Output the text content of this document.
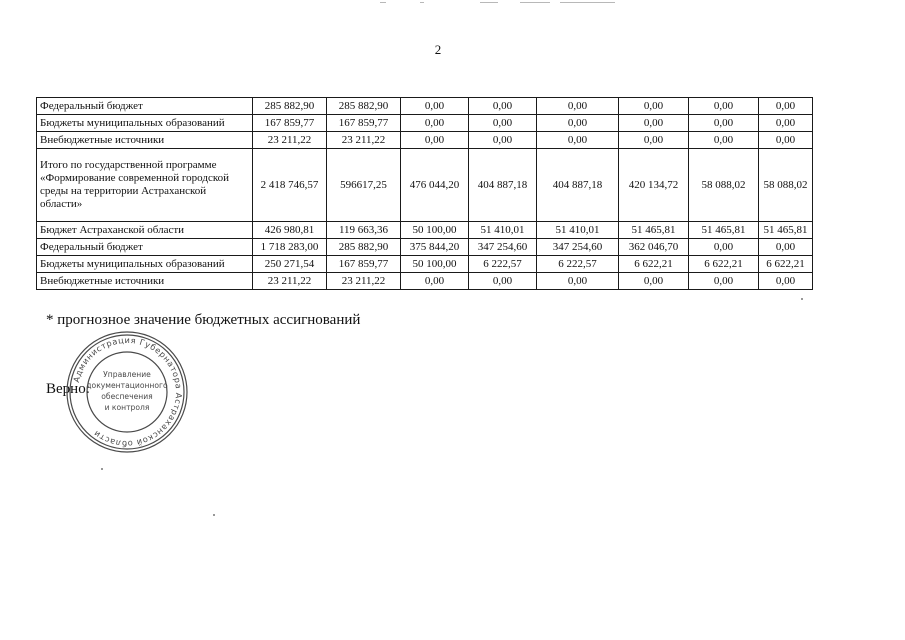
2
Федеральный бюджет	285 882,90	285 882,90	0,00	0,00	0,00	0,00	0,00	0,00
Бюджеты муниципальных образований	167 859,77	167 859,77	0,00	0,00	0,00	0,00	0,00	0,00
Внебюджетные источники	23 211,22	23 211,22	0,00	0,00	0,00	0,00	0,00	0,00
Итого по государственной программе «Формирование современной городской среды на территории Астраханской области»	2 418 746,57	596617,25	476 044,20	404 887,18	404 887,18	420 134,72	58 088,02	58 088,02
Бюджет Астраханской области	426 980,81	119 663,36	50 100,00	51 410,01	51 410,01	51 465,81	51 465,81	51 465,81
Федеральный бюджет	1 718 283,00	285 882,90	375 844,20	347 254,60	347 254,60	362 046,70	0,00	0,00
Бюджеты муниципальных образований	250 271,54	167 859,77	50 100,00	6 222,57	6 222,57	6 622,21	6 622,21	6 622,21
Внебюджетные источники	23 211,22	23 211,22	0,00	0,00	0,00	0,00	0,00	0,00
* прогнозное значение бюджетных ассигнований
Верно:
Администрация Губернатора Астраханской области
Управление
документационного
обеспечения
и контроля
